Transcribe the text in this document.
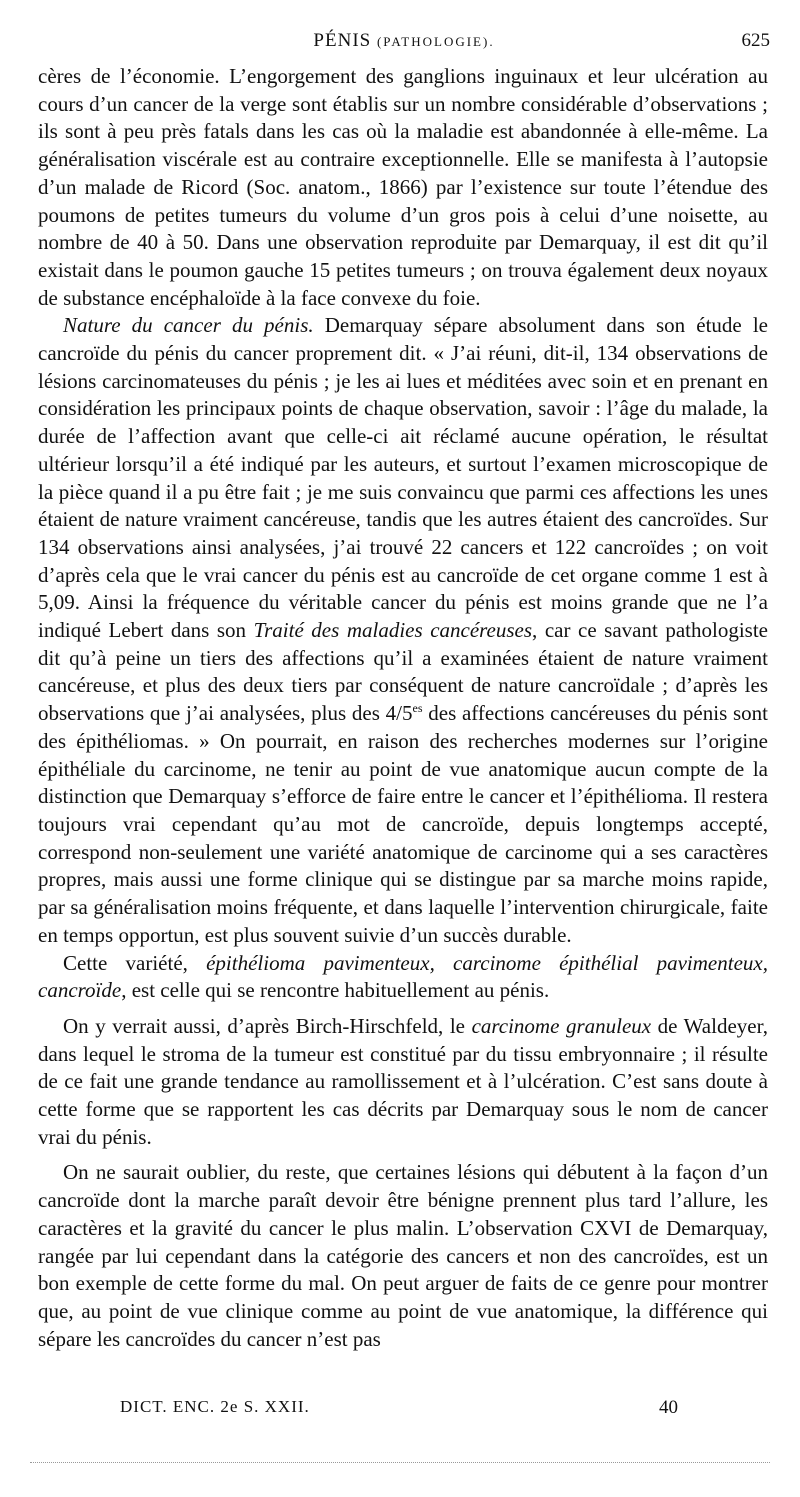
PÉNIS (PATHOLOGIE).	625

cères de l’économie. L’engorgement des ganglions inguinaux et leur ulcération au cours d’un cancer de la verge sont établis sur un nombre considérable d’observations ; ils sont à peu près fatals dans les cas où la maladie est abandonnée à elle-même. La généralisation viscérale est au contraire exceptionnelle. Elle se manifesta à l’autopsie d’un malade de Ricord (Soc. anatom., 1866) par l’existence sur toute l’étendue des poumons de petites tumeurs du volume d’un gros pois à celui d’une noisette, au nombre de 40 à 50. Dans une observation reproduite par Demarquay, il est dit qu’il existait dans le poumon gauche 15 petites tumeurs ; on trouva également deux noyaux de substance encéphaloïde à la face convexe du foie.

Nature du cancer du pénis. Demarquay sépare absolument dans son étude le cancroïde du pénis du cancer proprement dit. « J’ai réuni, dit-il, 134 observations de lésions carcinomateuses du pénis ; je les ai lues et méditées avec soin et en prenant en considération les principaux points de chaque observation, savoir : l’âge du malade, la durée de l’affection avant que celle-ci ait réclamé aucune opération, le résultat ultérieur lorsqu’il a été indiqué par les auteurs, et surtout l’examen microscopique de la pièce quand il a pu être fait ; je me suis convaincu que parmi ces affections les unes étaient de nature vraiment cancéreuse, tandis que les autres étaient des cancroïdes. Sur 134 observations ainsi analysées, j’ai trouvé 22 cancers et 122 cancroïdes ; on voit d’après cela que le vrai cancer du pénis est au cancroïde de cet organe comme 1 est à 5,09. Ainsi la fréquence du véritable cancer du pénis est moins grande que ne l’a indiqué Lebert dans son Traité des maladies cancéreuses, car ce savant pathologiste dit qu’à peine un tiers des affections qu’il a examinées étaient de nature vraiment cancéreuse, et plus des deux tiers par conséquent de nature cancroïdale ; d’après les observations que j’ai analysées, plus des $4/5^{es}$ des affections cancéreuses du pénis sont des épithéliomas. » On pourrait, en raison des recherches modernes sur l’origine épithéliale du carcinome, ne tenir au point de vue anatomique aucun compte de la distinction que Demarquay s’efforce de faire entre le cancer et l’épithélioma. Il restera toujours vrai cependant qu’au mot de cancroïde, depuis longtemps accepté, correspond non-seulement une variété anatomique de carcinome qui a ses caractères propres, mais aussi une forme clinique qui se distingue par sa marche moins rapide, par sa généralisation moins fréquente, et dans laquelle l’intervention chirurgicale, faite en temps opportun, est plus souvent suivie d’un succès durable.

Cette variété, épithélioma pavimenteux, carcinome épithélial pavimenteux, cancroïde, est celle qui se rencontre habituellement au pénis.

On y verrait aussi, d’après Birch-Hirschfeld, le carcinome granuleux de Waldeyer, dans lequel le stroma de la tumeur est constitué par du tissu embryonnaire ; il résulte de ce fait une grande tendance au ramollissement et à l’ulcération. C’est sans doute à cette forme que se rapportent les cas décrits par Demarquay sous le nom de cancer vrai du pénis.

On ne saurait oublier, du reste, que certaines lésions qui débutent à la façon d’un cancroïde dont la marche paraît devoir être bénigne prennent plus tard l’allure, les caractères et la gravité du cancer le plus malin. L’observation CXVI de Demarquay, rangée par lui cependant dans la catégorie des cancers et non des cancroïdes, est un bon exemple de cette forme du mal. On peut arguer de faits de ce genre pour montrer que, au point de vue clinique comme au point de vue anatomique, la différence qui sépare les cancroïdes du cancer n’est pas

DICT. ENC. 2e S. XXII.	40
